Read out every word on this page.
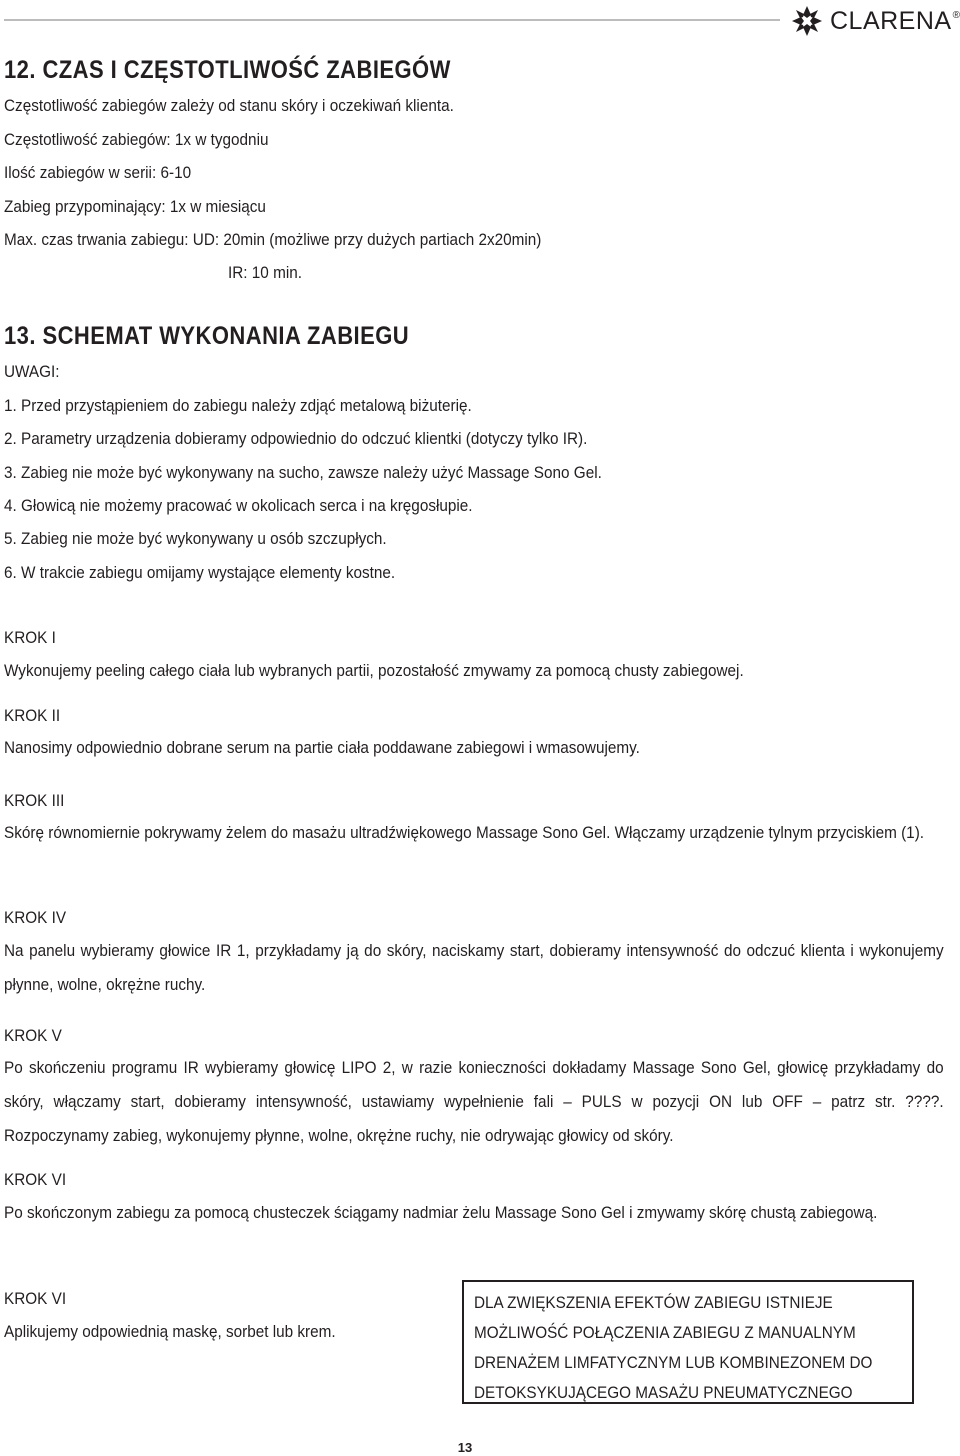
CLARENA ®
12. CZAS I CZĘSTOTLIWOŚĆ ZABIEGÓW
Częstotliwość zabiegów zależy od stanu skóry i oczekiwań klienta.
Częstotliwość zabiegów: 1x w tygodniu
Ilość zabiegów w serii: 6-10
Zabieg przypominający: 1x w miesiącu
Max. czas trwania zabiegu: UD: 20min (możliwe przy dużych partiach 2x20min)
IR: 10 min.
13. SCHEMAT WYKONANIA ZABIEGU
UWAGI:
1. Przed przystąpieniem do zabiegu należy zdjąć metalową biżuterię.
2. Parametry urządzenia dobieramy odpowiednio do odczuć klientki (dotyczy tylko IR).
3. Zabieg nie może być wykonywany na sucho, zawsze należy użyć Massage Sono Gel.
4. Głowicą nie możemy pracować w okolicach serca i na kręgosłupie.
5. Zabieg nie może być wykonywany u osób szczupłych.
6. W trakcie zabiegu omijamy wystające elementy kostne.
KROK I
Wykonujemy peeling całego ciała lub wybranych partii, pozostałość zmywamy za pomocą chusty zabiegowej.
KROK II
Nanosimy odpowiednio dobrane serum na partie ciała poddawane zabiegowi i wmasowujemy.
KROK III
Skórę równomiernie pokrywamy żelem do masażu ultradźwiękowego Massage Sono Gel. Włączamy urządzenie tylnym przyciskiem (1).
KROK IV
Na panelu wybieramy głowice IR 1, przykładamy ją do skóry, naciskamy start, dobieramy intensywność do odczuć klienta i wykonujemy płynne, wolne, okrężne ruchy.
KROK V
Po skończeniu programu IR wybieramy głowicę LIPO 2, w razie konieczności dokładamy Massage Sono Gel, głowicę przykładamy do skóry, włączamy start, dobieramy intensywność, ustawiamy wypełnienie fali – PULS w pozycji ON lub OFF – patrz str. ????. Rozpoczynamy zabieg, wykonujemy płynne, wolne, okrężne ruchy, nie odrywając głowicy od skóry.
KROK VI
Po skończonym zabiegu za pomocą chusteczek ściągamy nadmiar żelu Massage Sono Gel i zmywamy skórę chustą zabiegową.
KROK VI
Aplikujemy odpowiednią maskę, sorbet lub krem.
DLA ZWIĘKSZENIA EFEKTÓW ZABIEGU ISTNIEJE
MOŻLIWOŚĆ POŁĄCZENIA ZABIEGU Z MANUALNYM
DRENAŻEM LIMFATYCZNYM LUB KOMBINEZONEM DO
DETOKSYKUJĄCEGO MASAŻU PNEUMATYCZNEGO
13
